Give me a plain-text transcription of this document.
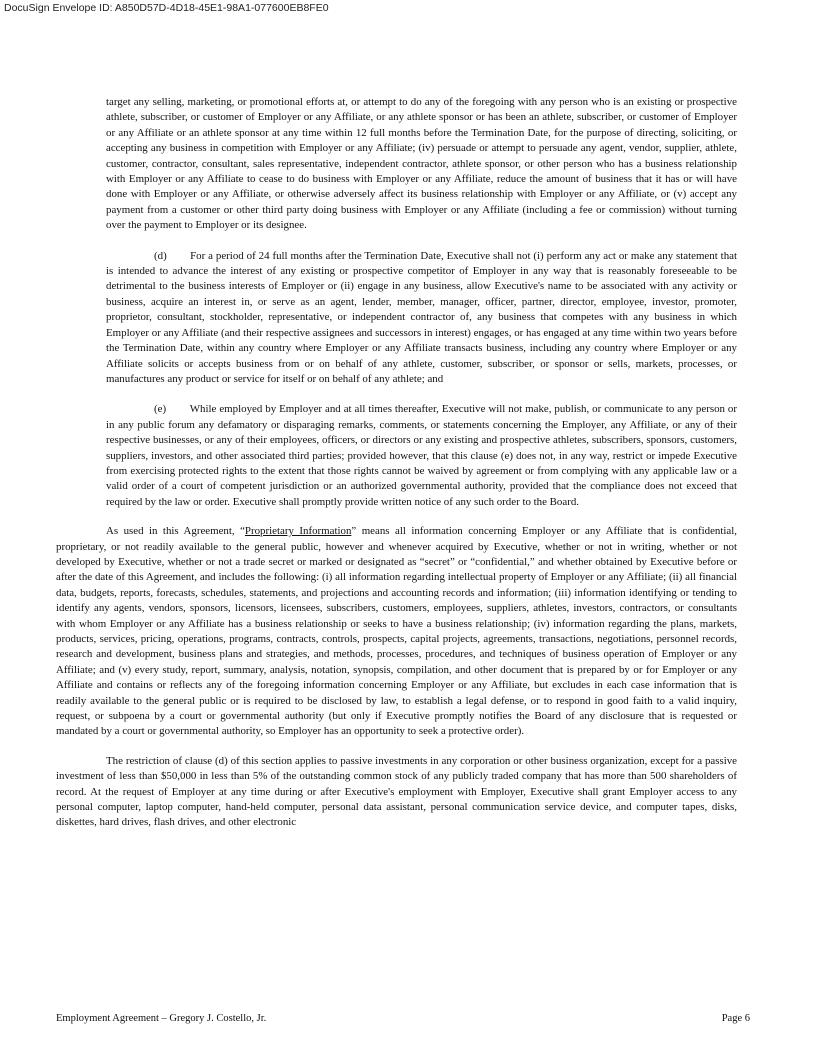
DocuSign Envelope ID: A850D57D-4D18-45E1-98A1-077600EB8FE0

target any selling, marketing, or promotional efforts at, or attempt to do any of the foregoing with any person who is an existing or prospective athlete, subscriber, or customer of Employer or any Affiliate, or any athlete sponsor or has been an athlete, subscriber, or customer of Employer or any Affiliate or an athlete sponsor at any time within 12 full months before the Termination Date, for the purpose of directing, soliciting, or accepting any business in competition with Employer or any Affiliate; (iv) persuade or attempt to persuade any agent, vendor, supplier, athlete, customer, contractor, consultant, sales representative, independent contractor, athlete sponsor, or other person who has a business relationship with Employer or any Affiliate to cease to do business with Employer or any Affiliate, reduce the amount of business that it has or will have done with Employer or any Affiliate, or otherwise adversely affect its business relationship with Employer or any Affiliate, or (v) accept any payment from a customer or other third party doing business with Employer or any Affiliate (including a fee or commission) without turning over the payment to Employer or its designee.

(d) For a period of 24 full months after the Termination Date, Executive shall not (i) perform any act or make any statement that is intended to advance the interest of any existing or prospective competitor of Employer in any way that is reasonably foreseeable to be detrimental to the business interests of Employer or (ii) engage in any business, allow Executive's name to be associated with any activity or business, acquire an interest in, or serve as an agent, lender, member, manager, officer, partner, director, employee, investor, promoter, proprietor, consultant, stockholder, representative, or independent contractor of, any business that competes with any business in which Employer or any Affiliate (and their respective assignees and successors in interest) engages, or has engaged at any time within two years before the Termination Date, within any country where Employer or any Affiliate transacts business, including any country where Employer or any Affiliate solicits or accepts business from or on behalf of any athlete, customer, subscriber, or sponsor or sells, markets, processes, or manufactures any product or service for itself or on behalf of any athlete; and

(e) While employed by Employer and at all times thereafter, Executive will not make, publish, or communicate to any person or in any public forum any defamatory or disparaging remarks, comments, or statements concerning the Employer, any Affiliate, or any of their respective businesses, or any of their employees, officers, or directors or any existing and prospective athletes, subscribers, sponsors, customers, suppliers, investors, and other associated third parties; provided however, that this clause (e) does not, in any way, restrict or impede Executive from exercising protected rights to the extent that those rights cannot be waived by agreement or from complying with any applicable law or a valid order of a court of competent jurisdiction or an authorized governmental authority, provided that the compliance does not exceed that required by the law or order. Executive shall promptly provide written notice of any such order to the Board.

As used in this Agreement, “Proprietary Information” means all information concerning Employer or any Affiliate that is confidential, proprietary, or not readily available to the general public, however and whenever acquired by Executive, whether or not in writing, whether or not developed by Executive, whether or not a trade secret or marked or designated as “secret” or “confidential,” and whether obtained by Executive before or after the date of this Agreement, and includes the following: (i) all information regarding intellectual property of Employer or any Affiliate; (ii) all financial data, budgets, reports, forecasts, schedules, statements, and projections and accounting records and information; (iii) information identifying or tending to identify any agents, vendors, sponsors, licensors, licensees, subscribers, customers, employees, suppliers, athletes, investors, contractors, or consultants with whom Employer or any Affiliate has a business relationship or seeks to have a business relationship; (iv) information regarding the plans, markets, products, services, pricing, operations, programs, contracts, controls, prospects, capital projects, agreements, transactions, negotiations, personnel records, research and development, business plans and strategies, and methods, processes, procedures, and techniques of business operation of Employer or any Affiliate; and (v) every study, report, summary, analysis, notation, synopsis, compilation, and other document that is prepared by or for Employer or any Affiliate and contains or reflects any of the foregoing information concerning Employer or any Affiliate, but excludes in each case information that is readily available to the general public or is required to be disclosed by law, to establish a legal defense, or to respond in good faith to a valid inquiry, request, or subpoena by a court or governmental authority (but only if Executive promptly notifies the Board of any disclosure that is requested or mandated by a court or governmental authority, so Employer has an opportunity to seek a protective order).

The restriction of clause (d) of this section applies to passive investments in any corporation or other business organization, except for a passive investment of less than $50,000 in less than 5% of the outstanding common stock of any publicly traded company that has more than 500 shareholders of record. At the request of Employer at any time during or after Executive's employment with Employer, Executive shall grant Employer access to any personal computer, laptop computer, hand-held computer, personal data assistant, personal communication service device, and computer tapes, disks, diskettes, hard drives, flash drives, and other electronic

Employment Agreement – Gregory J. Costello, Jr.	Page 6
